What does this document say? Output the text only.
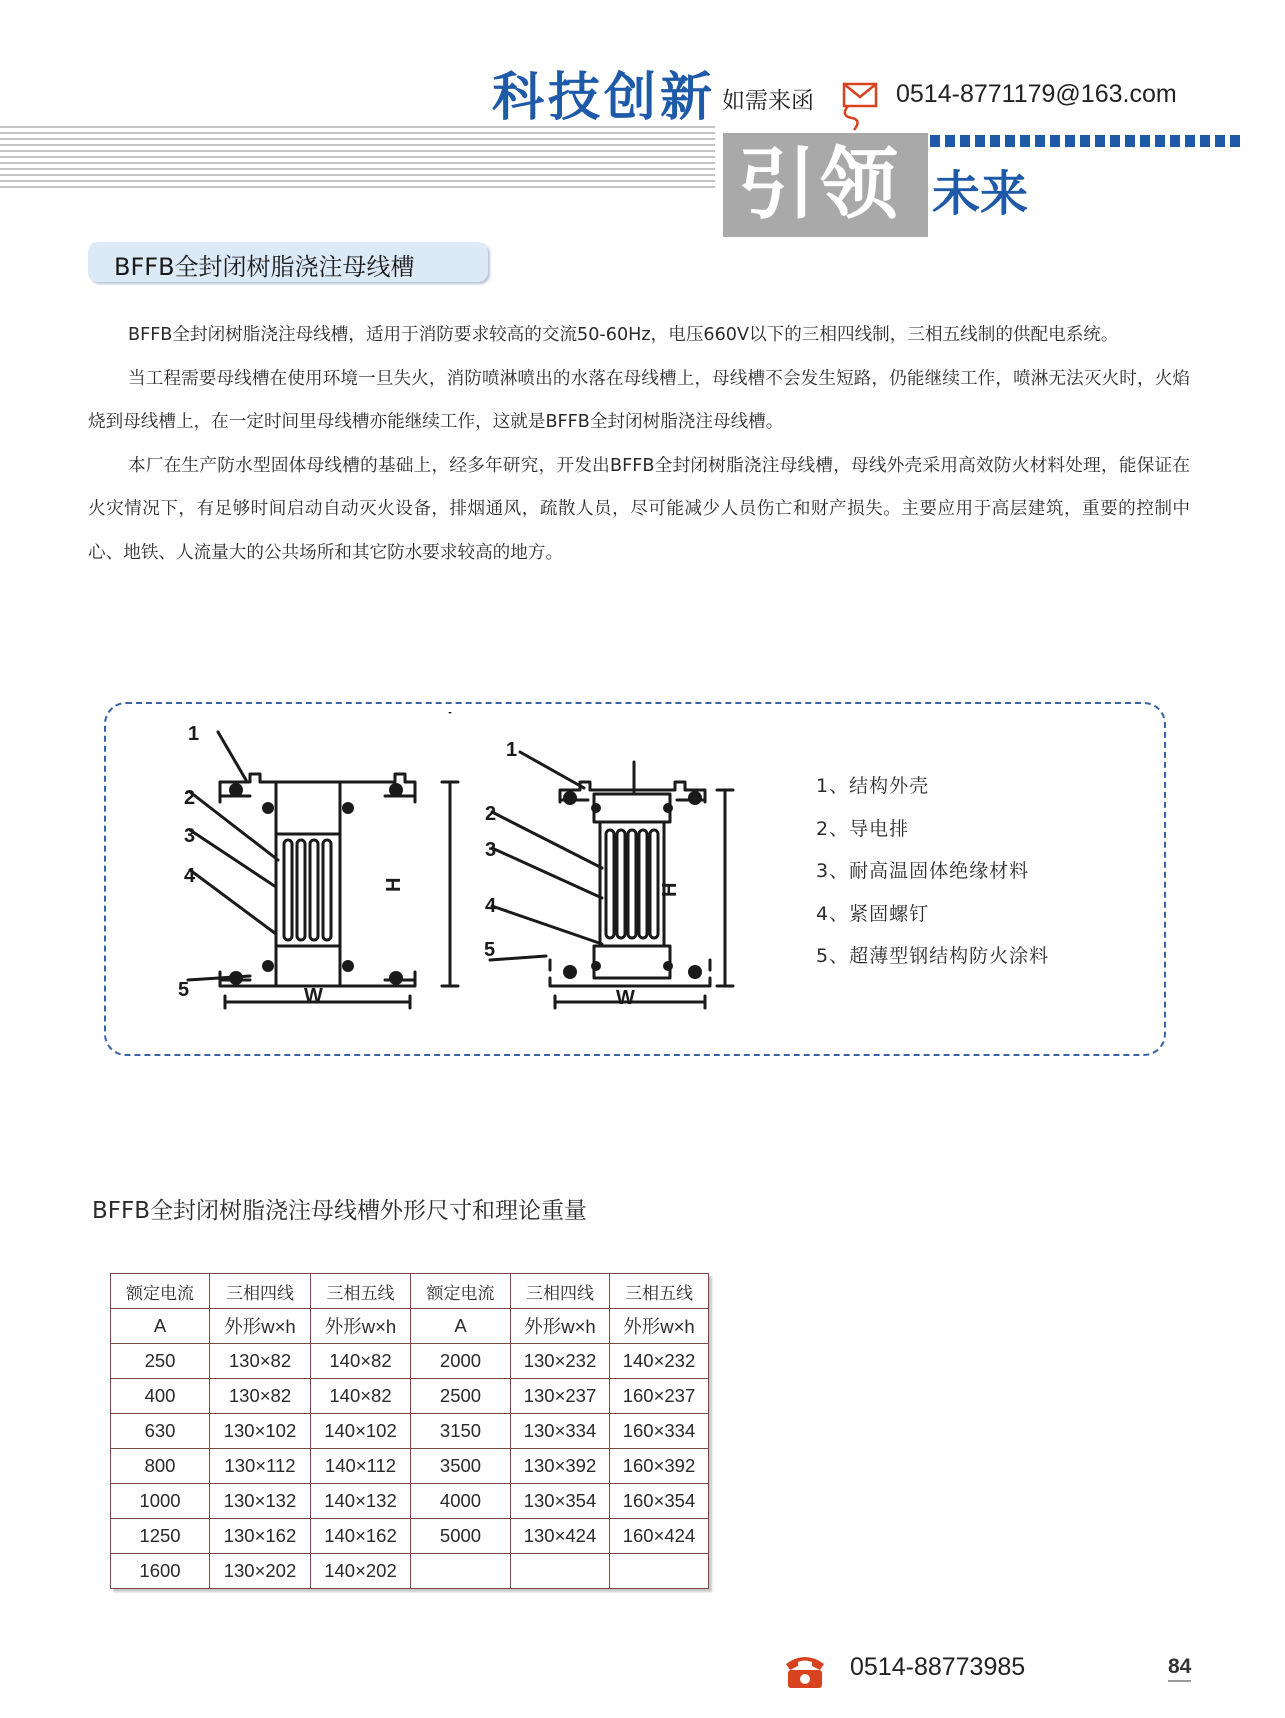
科技创新 如需来函	0514-8771179@163.com
引领 未来
BFFB全封闭树脂浇注母线槽

BFFB全封闭树脂浇注母线槽，适用于消防要求较高的交流50-60Hz，电压660V以下的三相四线制，三相五线制的供配电系统。

当工程需要母线槽在使用环境一旦失火，消防喷淋喷出的水落在母线槽上，母线槽不会发生短路，仍能继续工作，喷淋无法灭火时，火焰烧到母线槽上，在一定时间里母线槽亦能继续工作，这就是BFFB全封闭树脂浇注母线槽。

本厂在生产防水型固体母线槽的基础上，经多年研究，开发出BFFB全封闭树脂浇注母线槽，母线外壳采用高效防火材料处理，能保证在火灾情况下，有足够时间启动自动灭火设备，排烟通风，疏散人员，尽可能减少人员伤亡和财产损失。主要应用于高层建筑，重要的控制中心、地铁、人流量大的公共场所和其它防水要求较高的地方。

1
2
3
4
5
1
2
3
4
5
W	W
H	H
1、结构外壳
2、导电排
3、耐高温固体绝缘材料
4、紧固螺钉
5、超薄型钢结构防火涂料
BFFB全封闭树脂浇注母线槽外形尺寸和理论重量
额定电流	三相四线	三相五线	额定电流	三相四线	三相五线
A	外形w×h	外形w×h	A	外形w×h	外形w×h
250	130×82	140×82	2000	130×232	140×232
400	130×82	140×82	2500	130×237	160×237
630	130×102	140×102	3150	130×334	160×334
800	130×112	140×112	3500	130×392	160×392
1000	130×132	140×132	4000	130×354	160×354
1250	130×162	140×162	5000	130×424	160×424
1600	130×202	140×202			
0514-88773985	84
